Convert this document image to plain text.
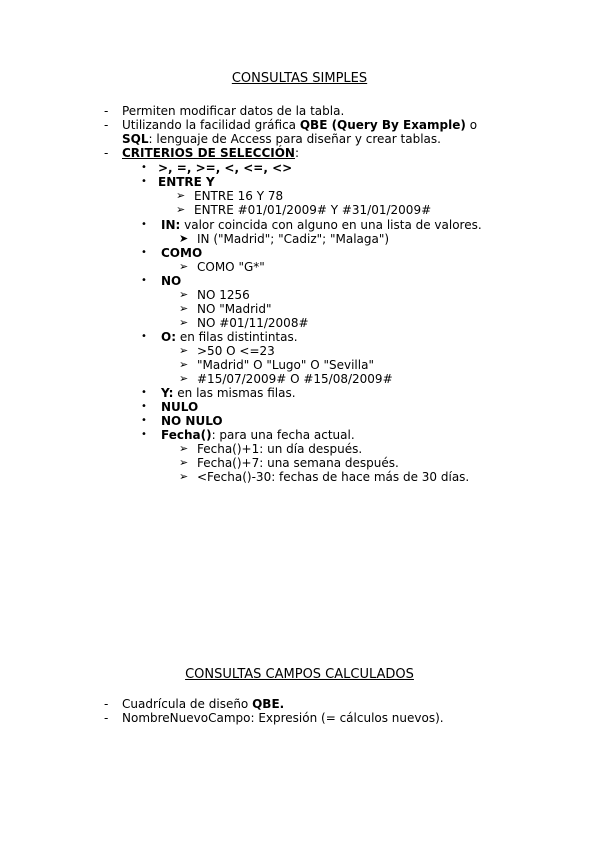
CONSULTAS SIMPLES
- Permiten modificar datos de la tabla.
- Utilizando la facilidad gráfica QBE (Query By Example) o
SQL: lenguaje de Access para diseñar y crear tablas.
- CRITERIOS DE SELECCIÓN:
• >, =, >=, <, <=, <>
• ENTRE Y
➢ ENTRE 16 Y 78
➢ ENTRE #01/01/2009# Y #31/01/2009#
• IN: valor coincida con alguno en una lista de valores.
➤ IN ("Madrid"; "Cadiz"; "Malaga")
• COMO
➢ COMO "G*"
• NO
➢ NO 1256
➢ NO "Madrid"
➢ NO #01/11/2008#
• O: en filas distintintas.
➢ >50 O <=23
➢ "Madrid" O "Lugo" O "Sevilla"
➢ #15/07/2009# O #15/08/2009#
• Y: en las mismas filas.
• NULO
• NO NULO
• Fecha(): para una fecha actual.
➢ Fecha()+1: un día después.
➢ Fecha()+7: una semana después.
➢ <Fecha()-30: fechas de hace más de 30 días.
CONSULTAS CAMPOS CALCULADOS
- Cuadrícula de diseño QBE.
- NombreNuevoCampo: Expresión (= cálculos nuevos).
